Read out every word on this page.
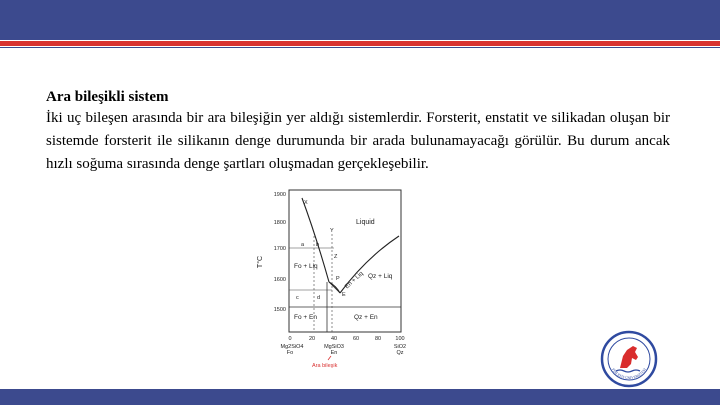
Ara bileşikli sistem

İki uç bileşen arasında bir ara bileşiğin yer aldığı sistemlerdir. Forsterit, enstatit ve silikadan oluşan bir sistemde forsterit ile silikanın denge durumunda bir arada bulunamayacağı görülür. Bu durum ancak hızlı soğuma sırasında denge şartları oluşmadan gerçekleşebilir.

T°C
1900
1800
1700
1600
1500
Liquid
Fo + Liq
En + Liq Qz + Liq
Fo + En	Qz + En
X
Y
Z
a b
c	d
P
E
0	20	40	60	80	100
Mg2SiO4
Fo
MgSiO3
En
SiO2
Qz
Ara bileşik
PİRİ REİS ÜNİVERSİTESİ
